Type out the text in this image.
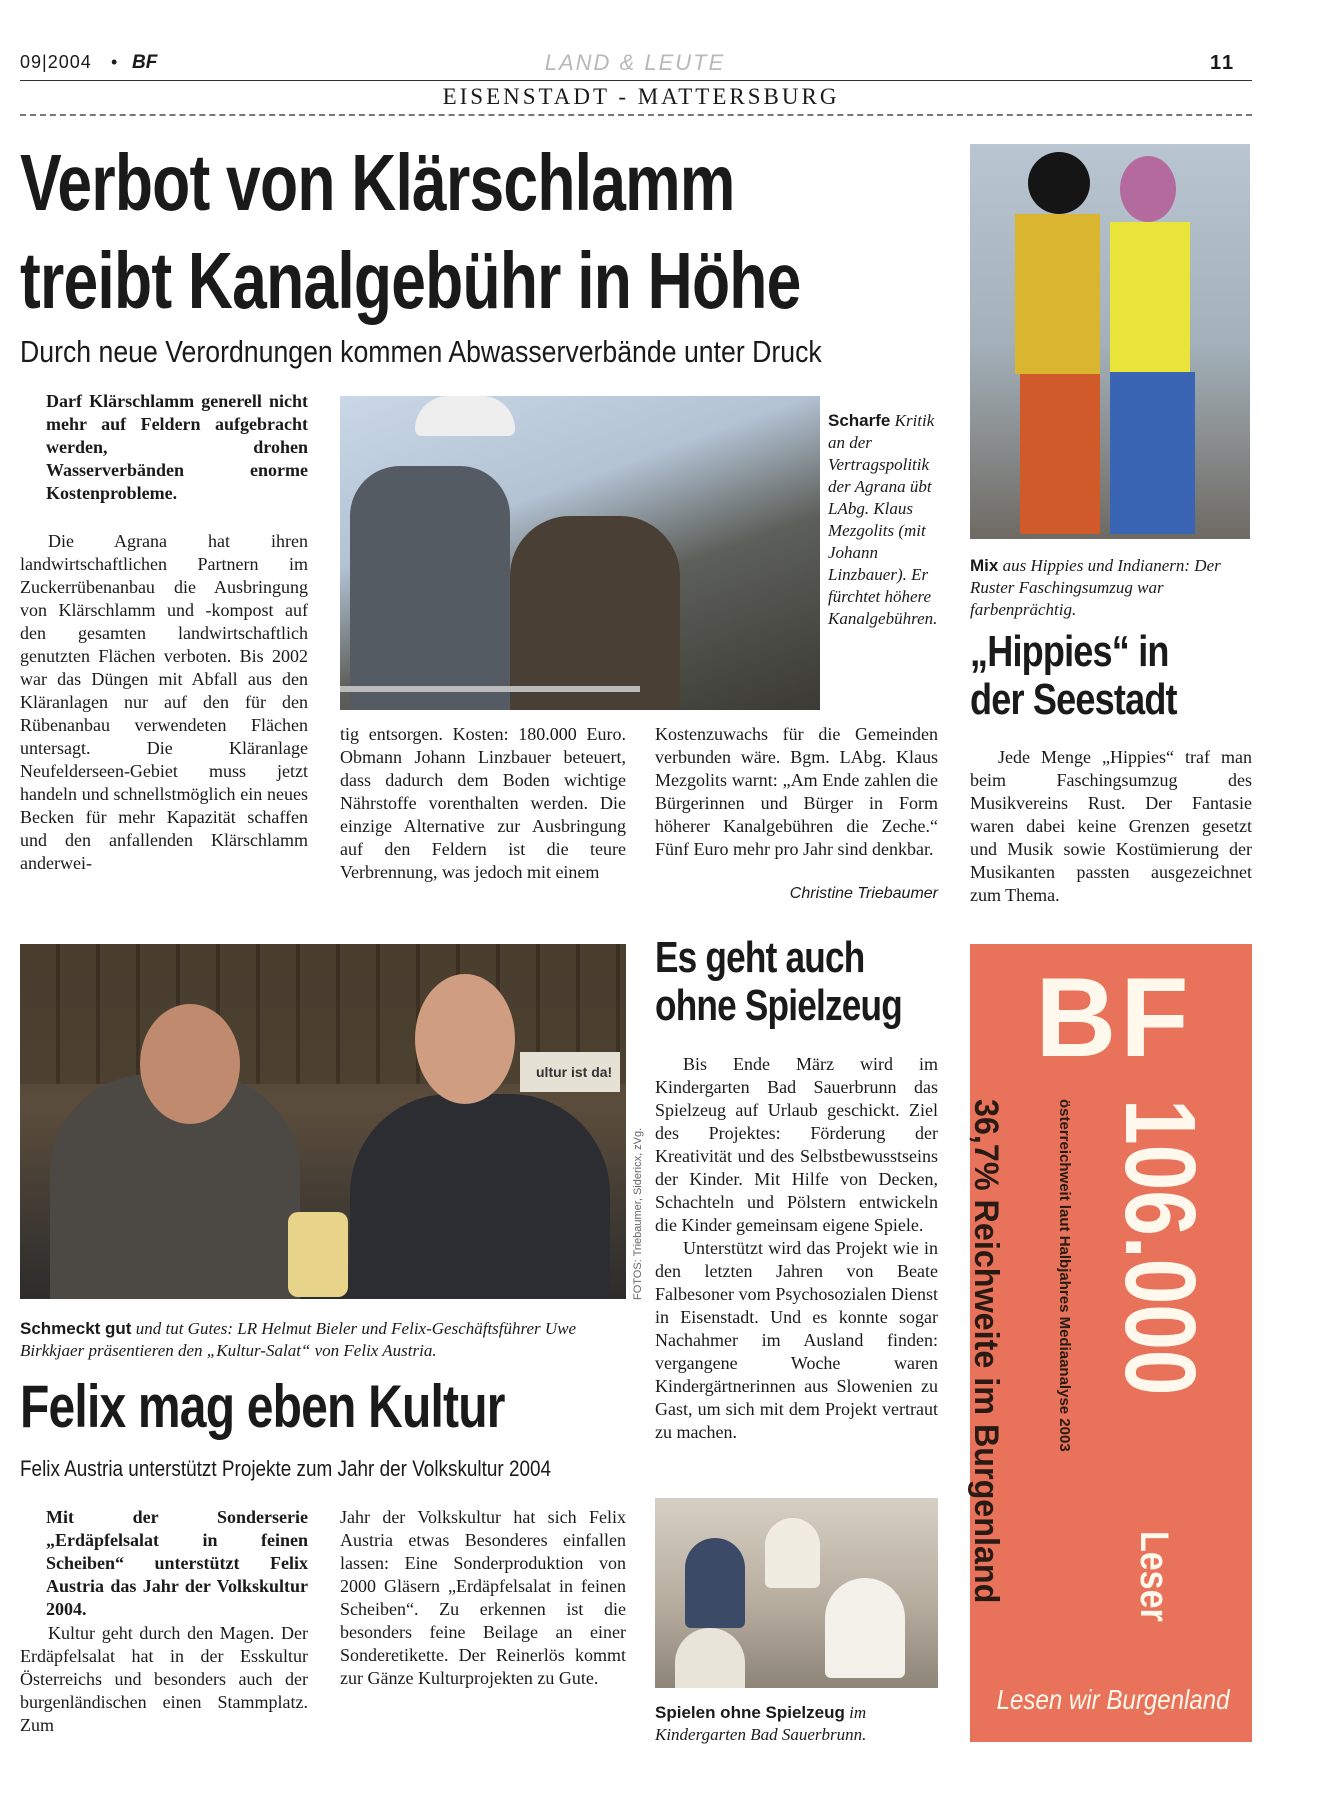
09|2004 • BF	LAND & LEUTE	11
EISENSTADT - MATTERSBURG
Verbot von Klärschlamm
treibt Kanalgebühr in Höhe
Durch neue Verordnungen kommen Abwasserverbände unter Druck
Darf Klärschlamm generell nicht mehr auf Feldern aufgebracht werden, drohen Wasserverbänden enorme Kostenprobleme.
Die Agrana hat ihren landwirtschaftlichen Partnern im Zuckerrübenanbau die Ausbringung von Klärschlamm und -kompost auf den gesamten landwirtschaftlich genutzten Flächen verboten. Bis 2002 war das Düngen mit Abfall aus den Kläranlagen nur auf den für den Rübenanbau verwendeten Flächen untersagt. Die Kläranlage Neufelderseen-Gebiet muss jetzt handeln und schnellstmöglich ein neues Becken für mehr Kapazität schaffen und den anfallenden Klärschlamm anderwei-
Scharfe Kritik an der Vertragspolitik der Agrana übt LAbg. Klaus Mezgolits (mit Johann Linzbauer). Er fürchtet höhere Kanalgebühren.
tig entsorgen. Kosten: 180.000 Euro. Obmann Johann Linzbauer beteuert, dass dadurch dem Boden wichtige Nährstoffe vorenthalten werden. Die einzige Alternative zur Ausbringung auf den Feldern ist die teure Verbrennung, was jedoch mit einem
Kostenzuwachs für die Gemeinden verbunden wäre. Bgm. LAbg. Klaus Mezgolits warnt: „Am Ende zahlen die Bürgerinnen und Bürger in Form höherer Kanalgebühren die Zeche.“ Fünf Euro mehr pro Jahr sind denkbar.
Christine Triebaumer
Mix aus Hippies und Indianern: Der Ruster Faschingsumzug war farbenprächtig.
„Hippies“ in
der Seestadt
Jede Menge „Hippies“ traf man beim Faschingsumzug des Musikvereins Rust. Der Fantasie waren dabei keine Grenzen gesetzt und Musik sowie Kostümierung der Musikanten passten ausgezeichnet zum Thema.
ultur ist da!
FOTOS: Triebaumer, Sidericx, zVg.
Schmeckt gut und tut Gutes: LR Helmut Bieler und Felix-Geschäftsführer Uwe Birkkjaer präsentieren den „Kultur-Salat“ von Felix Austria.
Felix mag eben Kultur
Felix Austria unterstützt Projekte zum Jahr der Volkskultur 2004
Mit der Sonderserie „Erdäpfelsalat in feinen Scheiben“ unterstützt Felix Austria das Jahr der Volkskultur 2004.
Kultur geht durch den Magen. Der Erdäpfelsalat hat in der Esskultur Österreichs und besonders auch der burgenländischen einen Stammplatz. Zum
Jahr der Volkskultur hat sich Felix Austria etwas Besonderes einfallen lassen: Eine Sonderproduktion von 2000 Gläsern „Erdäpfelsalat in feinen Scheiben“. Zu erkennen ist die besonders feine Beilage an einer Sonderetikette. Der Reinerlös kommt zur Gänze Kulturprojekten zu Gute.
Es geht auch
ohne Spielzeug

Bis Ende März wird im Kindergarten Bad Sauerbrunn das Spielzeug auf Urlaub geschickt. Ziel des Projektes: Förderung der Kreativität und des Selbstbewusstseins der Kinder. Mit Hilfe von Decken, Schachteln und Pölstern entwickeln die Kinder gemeinsam eigene Spiele.

Unterstützt wird das Projekt wie in den letzten Jahren von Beate Falbesoner vom Psychosozialen Dienst in Eisenstadt. Und es konnte sogar Nachahmer im Ausland finden: vergangene Woche waren Kindergärtnerinnen aus Slowenien zu Gast, um sich mit dem Projekt vertraut zu machen.

Spielen ohne Spielzeug im Kindergarten Bad Sauerbrunn.
BF
36,7% Reichweite im Burgenland	österreichweit laut Halbjahres Mediaanalyse 2003 106.000
Leser
Lesen wir Burgenland
